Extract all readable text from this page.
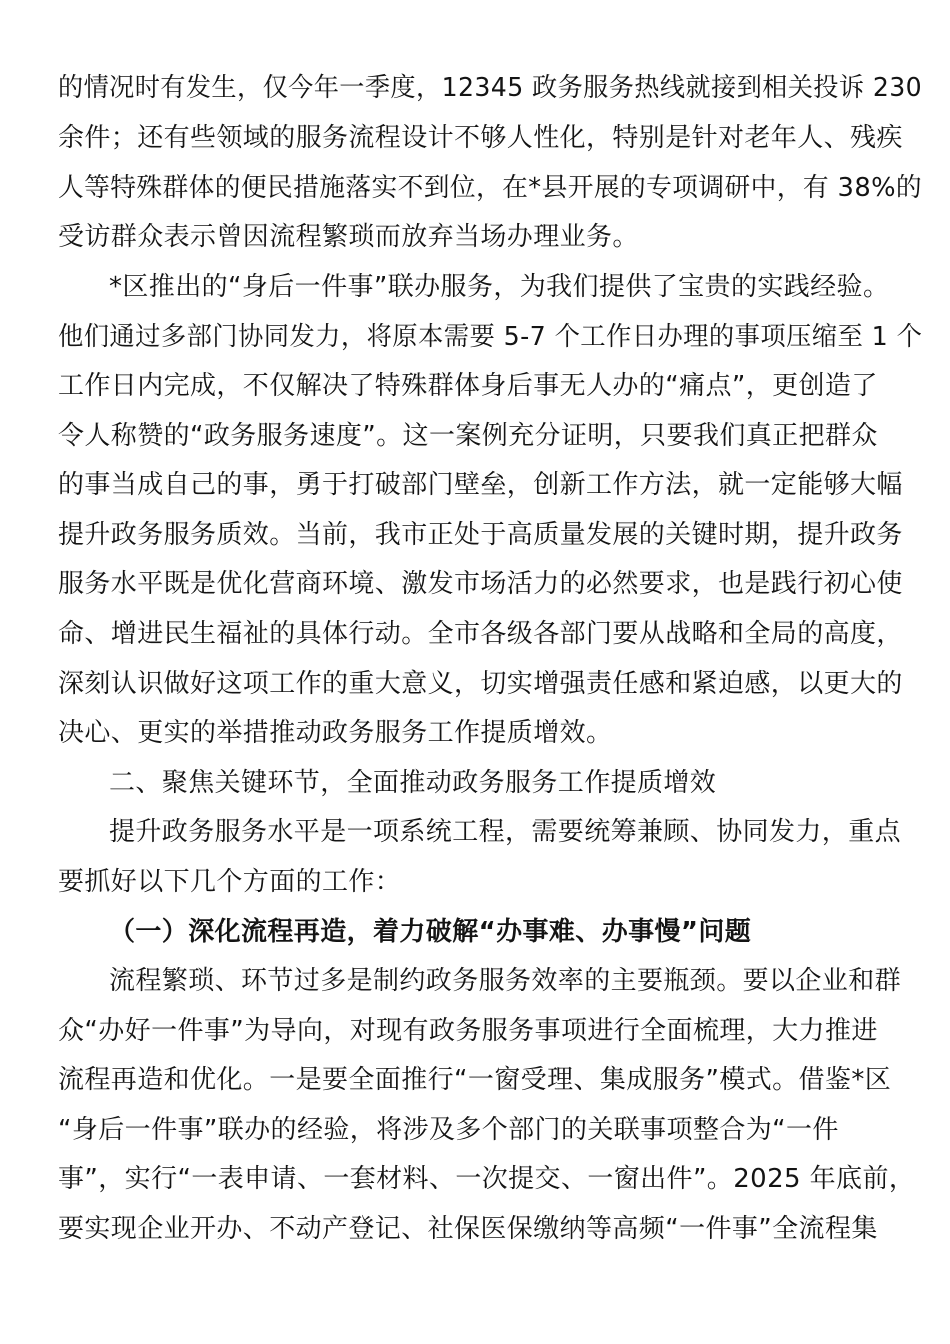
的情况时有发生，仅今年一季度，12345 政务服务热线就接到相关投诉 230
余件；还有些领域的服务流程设计不够人性化，特别是针对老年人、残疾
人等特殊群体的便民措施落实不到位，在*县开展的专项调研中，有 38%的
受访群众表示曾因流程繁琐而放弃当场办理业务。
*区推出的“身后一件事”联办服务，为我们提供了宝贵的实践经验。
他们通过多部门协同发力，将原本需要 5-7 个工作日办理的事项压缩至 1 个
工作日内完成，不仅解决了特殊群体身后事无人办的“痛点”，更创造了
令人称赞的“政务服务速度”。这一案例充分证明，只要我们真正把群众
的事当成自己的事，勇于打破部门壁垒，创新工作方法，就一定能够大幅
提升政务服务质效。当前，我市正处于高质量发展的关键时期，提升政务
服务水平既是优化营商环境、激发市场活力的必然要求，也是践行初心使
命、增进民生福祉的具体行动。全市各级各部门要从战略和全局的高度，
深刻认识做好这项工作的重大意义，切实增强责任感和紧迫感，以更大的
决心、更实的举措推动政务服务工作提质增效。
二、聚焦关键环节，全面推动政务服务工作提质增效
提升政务服务水平是一项系统工程，需要统筹兼顾、协同发力，重点
要抓好以下几个方面的工作：
（一）深化流程再造，着力破解“办事难、办事慢”问题
流程繁琐、环节过多是制约政务服务效率的主要瓶颈。要以企业和群
众“办好一件事”为导向，对现有政务服务事项进行全面梳理，大力推进
流程再造和优化。一是要全面推行“一窗受理、集成服务”模式。借鉴*区
“身后一件事”联办的经验，将涉及多个部门的关联事项整合为“一件
事”，实行“一表申请、一套材料、一次提交、一窗出件”。2025 年底前，
要实现企业开办、不动产登记、社保医保缴纳等高频“一件事”全流程集
